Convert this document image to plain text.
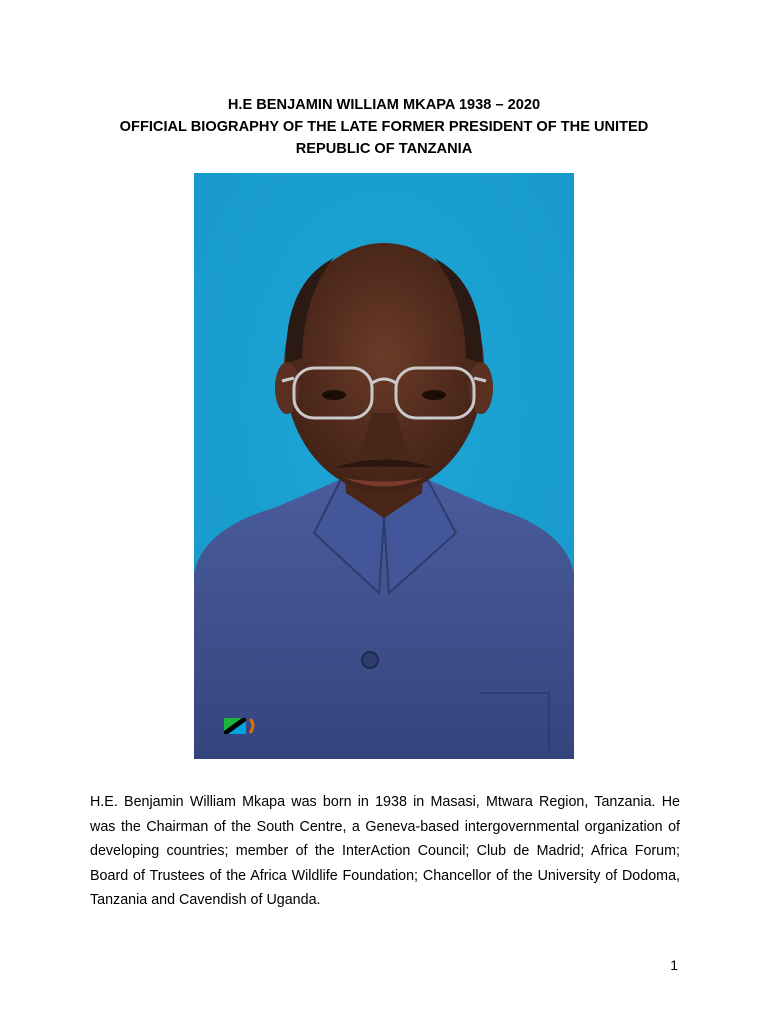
H.E BENJAMIN WILLIAM MKAPA 1938 – 2020
OFFICIAL BIOGRAPHY OF THE LATE FORMER PRESIDENT OF THE UNITED
REPUBLIC OF TANZANIA

H.E. Benjamin William Mkapa was born in 1938 in Masasi, Mtwara Region, Tanzania. He was the Chairman of the South Centre, a Geneva-based intergovernmental organization of developing countries; member of the InterAction Council; Club de Madrid; Africa Forum; Board of Trustees of the Africa Wildlife Foundation; Chancellor of the University of Dodoma, Tanzania and Cavendish of Uganda.

1
